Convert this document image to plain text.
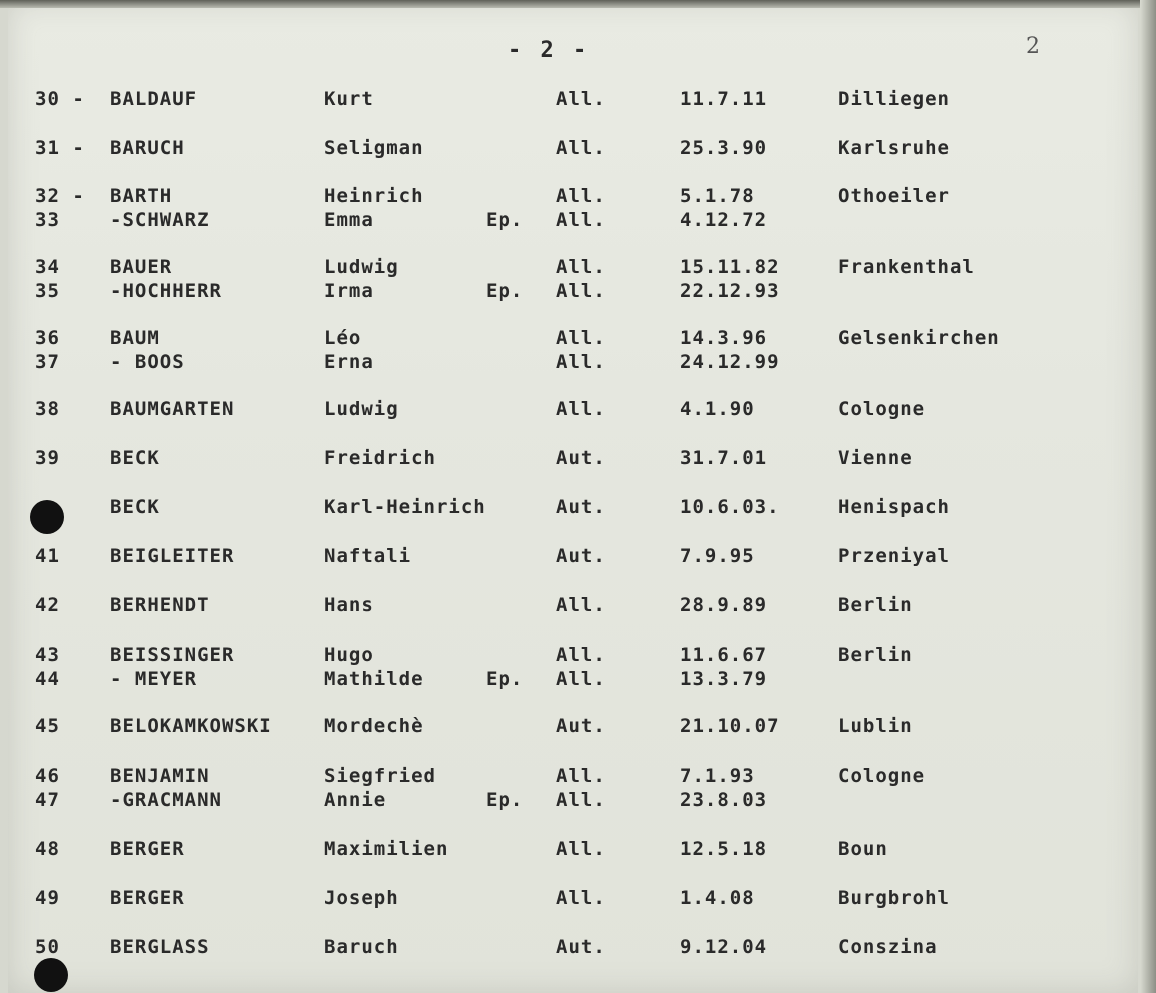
- 2 -	2
30 - BALDAUF	Kurt	All.	11.7.11	Dilliegen
31 - BARUCH	Seligman	All.	25.3.90	Karlsruhe
32 - BARTH	Heinrich	All.	5.1.78	Othoeiler
33	-SCHWARZ	Emma	Ep. All.	4.12.72
34	BAUER	Ludwig	All.	15.11.82	Frankenthal
35	-HOCHHERR	Irma	Ep. All.	22.12.93
36	BAUM	Léo	All.	14.3.96	Gelsenkirchen
37	- BOOS	Erna	All.	24.12.99
38	BAUMGARTEN	Ludwig	All.	4.1.90	Cologne
39	BECK	Freidrich	Aut.	31.7.01	Vienne
BECK	Karl-Heinrich	Aut.	10.6.03.	Henispach
41	BEIGLEITER	Naftali	Aut.	7.9.95	Przeniyal
42	BERHENDT	Hans	All.	28.9.89	Berlin
43	BEISSINGER	Hugo	All.	11.6.67	Berlin
44	- MEYER	Mathilde	Ep. All.	13.3.79
45	BELOKAMKOWSKI	Mordechè	Aut.	21.10.07	Lublin
46	BENJAMIN	Siegfried	All.	7.1.93	Cologne
47	-GRACMANN	Annie	Ep. All.	23.8.03
48	BERGER	Maximilien	All.	12.5.18	Boun
49	BERGER	Joseph	All.	1.4.08	Burgbrohl
50	BERGLASS	Baruch	Aut.	9.12.04	Conszina
